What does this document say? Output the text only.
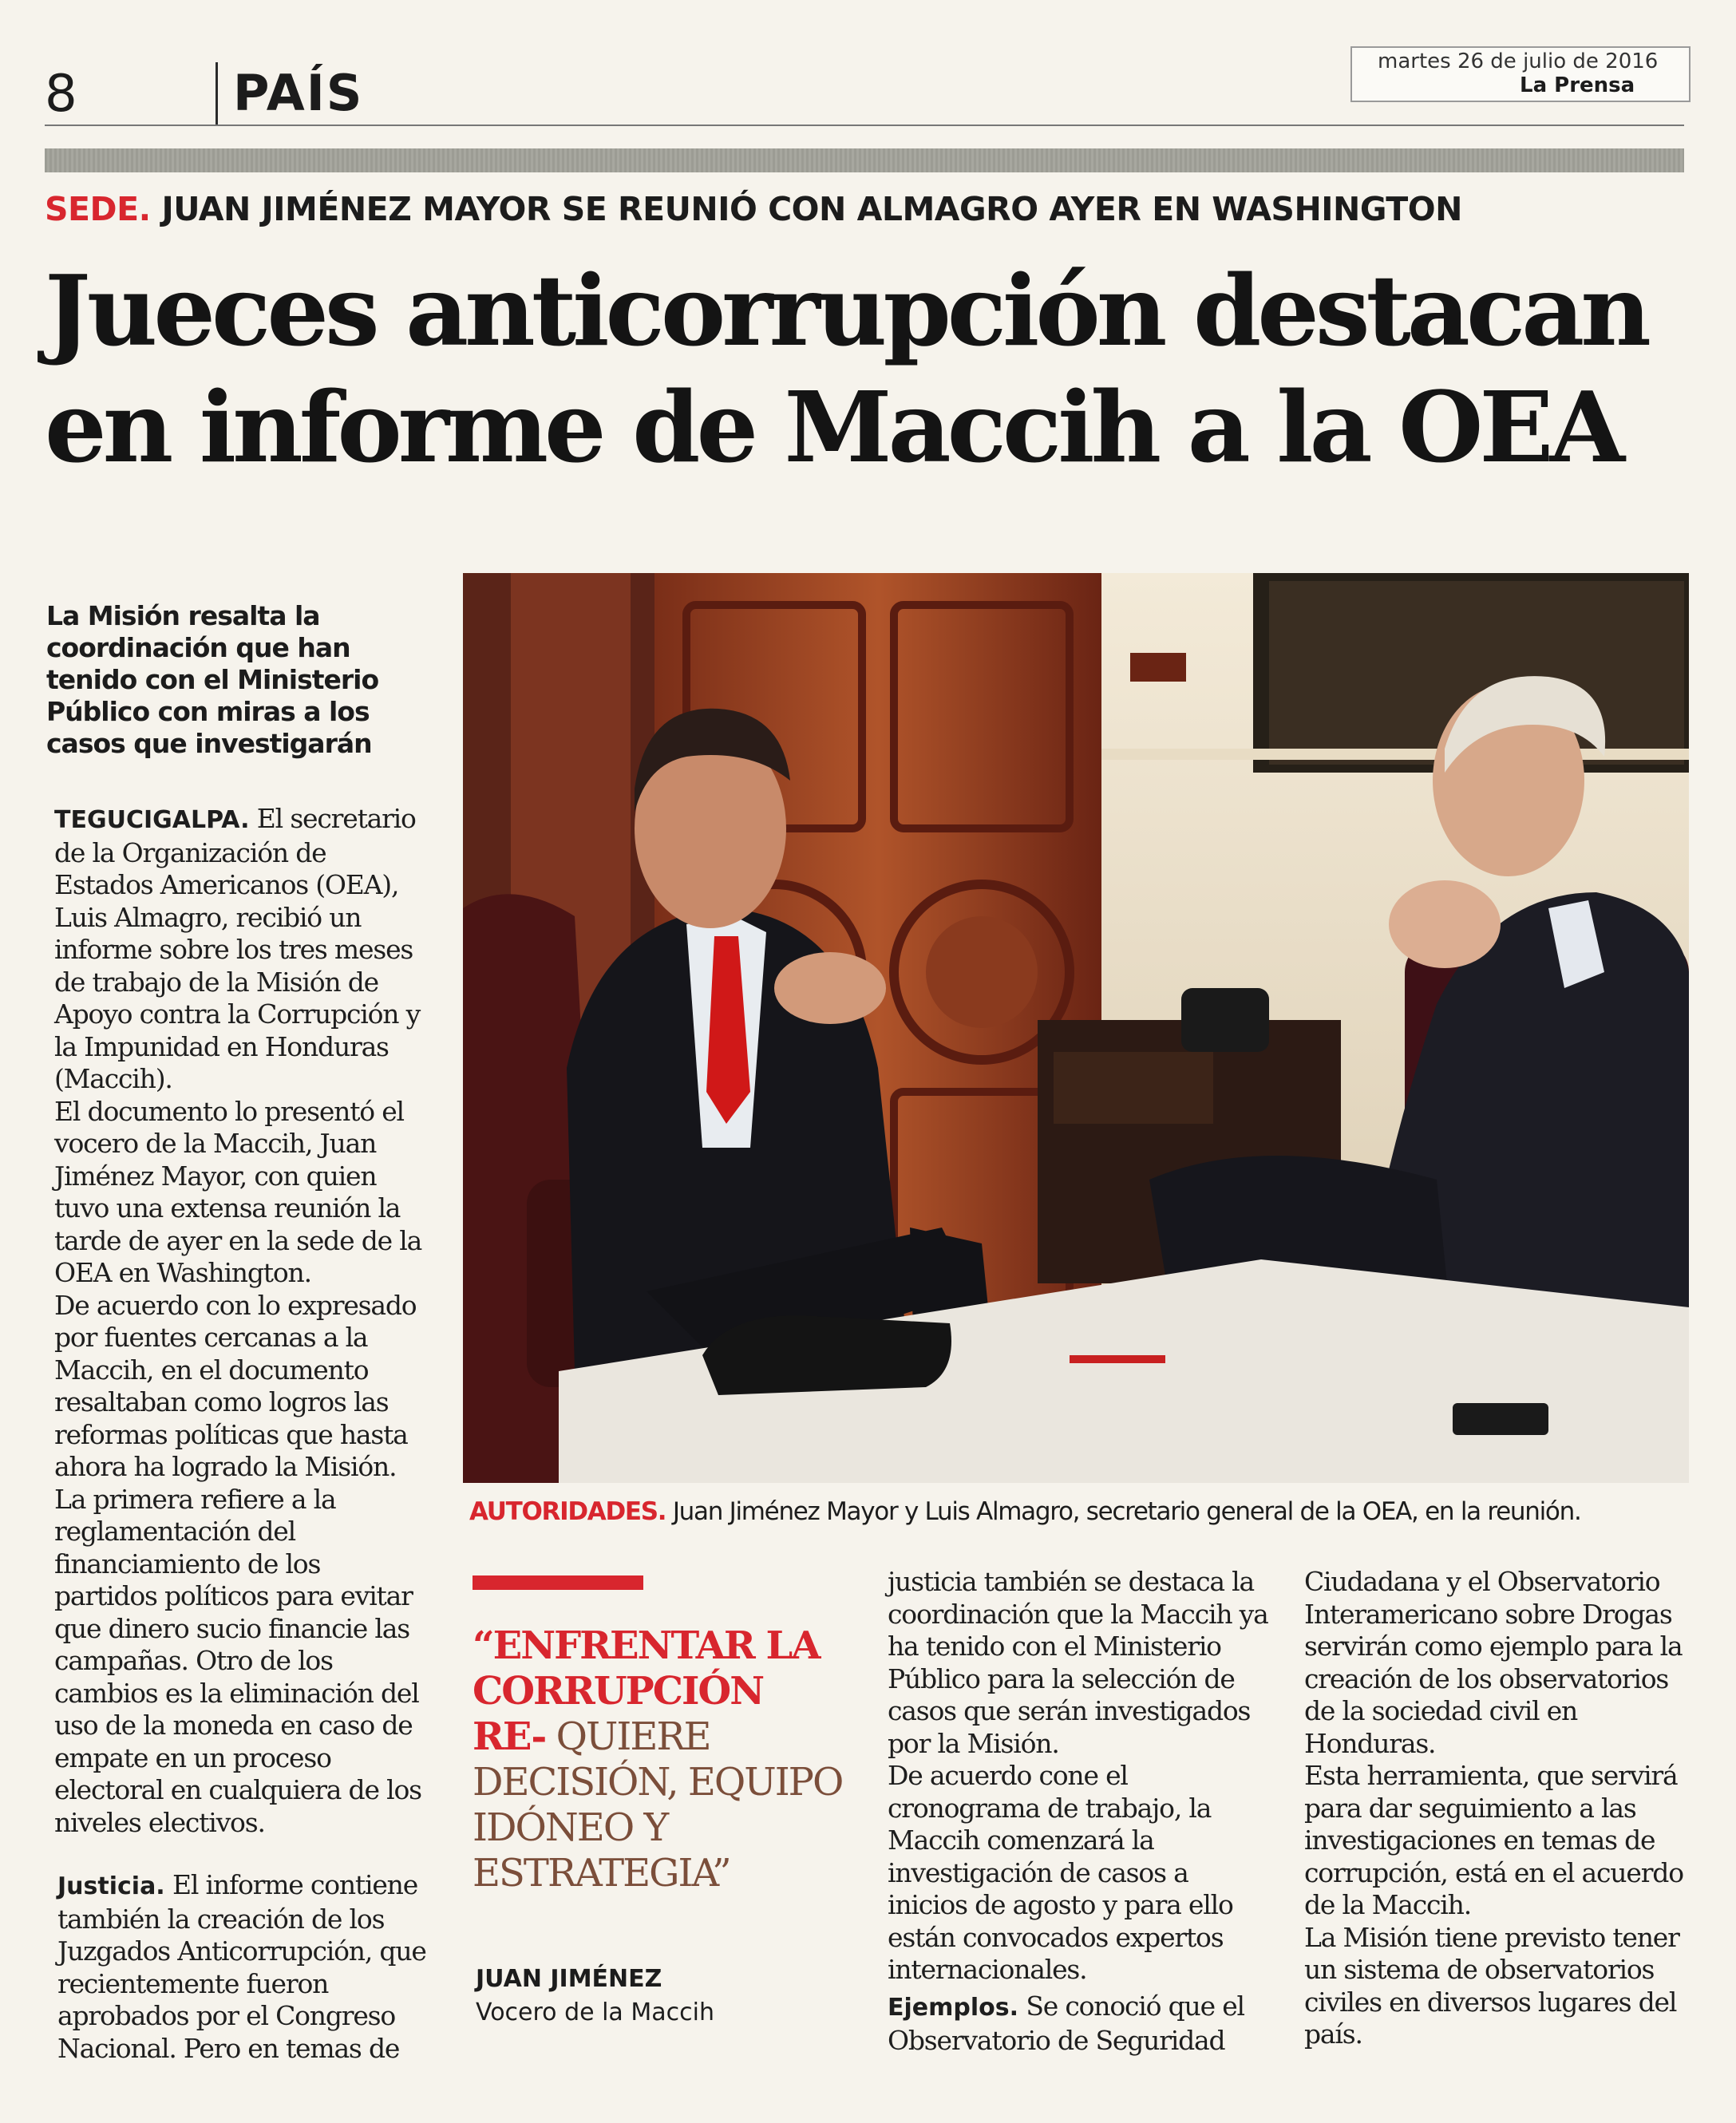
8	PAÍS
martes 26 de julio de 2016
La Prensa
SEDE. JUAN JIMÉNEZ MAYOR SE REUNIÓ CON ALMAGRO AYER EN WASHINGTON
Jueces anticorrupción destacan en informe de Maccih a la OEA
La Misión resalta la coordinación que han tenido con el Ministerio Público con miras a los casos que investigarán

TEGUCIGALPA. El secretario de la Organización de Estados Americanos (OEA), Luis Almagro, recibió un informe sobre los tres meses de trabajo de la Misión de Apoyo contra la Corrupción y la Impunidad en Honduras (Maccih).

El documento lo presentó el vocero de la Maccih, Juan Jiménez Mayor, con quien tuvo una extensa reunión la tarde de ayer en la sede de la OEA en Washington.

De acuerdo con lo expresado por fuentes cercanas a la Maccih, en el documento resaltaban como logros las reformas políticas que hasta ahora ha logrado la Misión.

La primera refiere a la reglamentación del financiamiento de los partidos políticos para evitar que dinero sucio financie las campañas. Otro de los cambios es la eliminación del uso de la moneda en caso de empate en un proceso electoral en cualquiera de los niveles electivos.

Justicia. El informe contiene también la creación de los Juzgados Anticorrupción, que recientemente fueron aprobados por el Congreso Nacional. Pero en temas de
AUTORIDADES. Juan Jiménez Mayor y Luis Almagro, secretario general de la OEA, en la reunión.
“ENFRENTAR LA CORRUPCIÓN RE- QUIERE DECISIÓN, EQUIPO IDÓNEO Y ESTRATEGIA”
JUAN JIMÉNEZ
Vocero de la Maccih

justicia también se destaca la coordinación que la Maccih ya ha tenido con el Ministerio Público para la selección de casos que serán investigados por la Misión.

De acuerdo cone el cronograma de trabajo, la Maccih comenzará la investigación de casos a inicios de agosto y para ello están convocados expertos internacionales.

Ejemplos. Se conoció que el Observatorio de Seguridad

Ciudadana y el Observatorio Interamericano sobre Drogas servirán como ejemplo para la creación de los observatorios de la sociedad civil en Honduras.

Esta herramienta, que servirá para dar seguimiento a las investigaciones en temas de corrupción, está en el acuerdo de la Maccih.

La Misión tiene previsto tener un sistema de observatorios civiles en diversos lugares del país.
